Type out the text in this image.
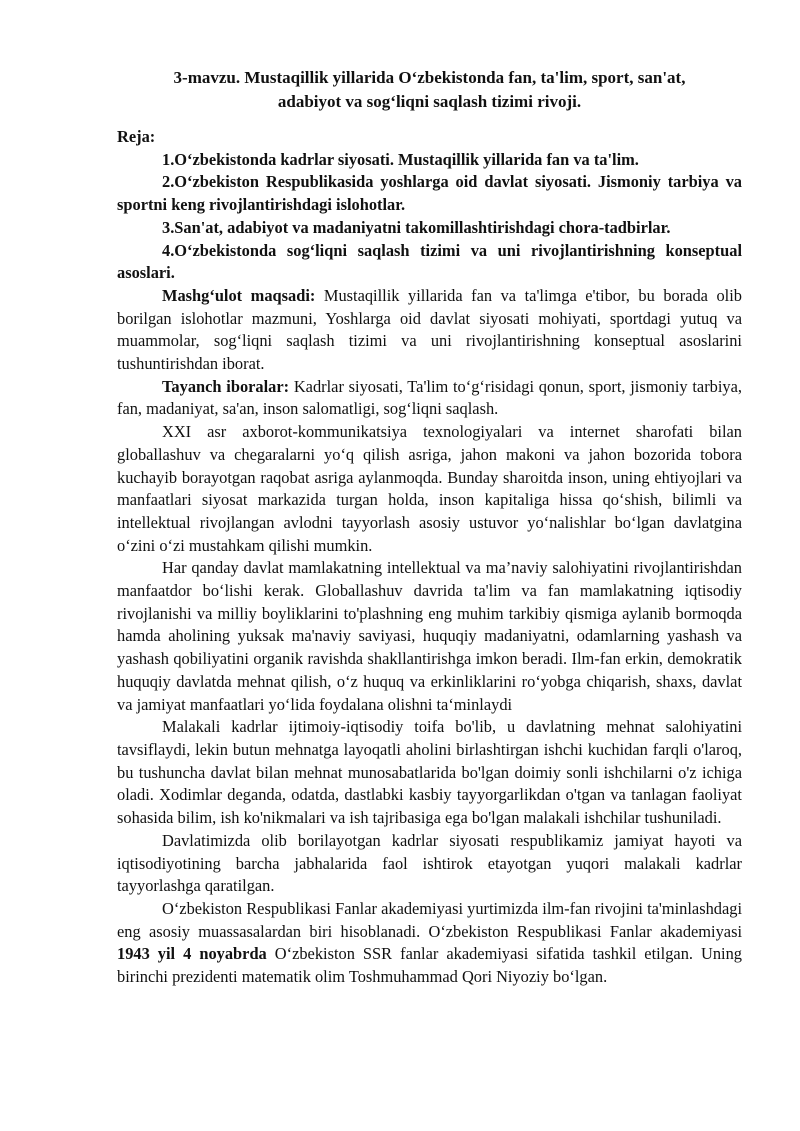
3-mavzu. Mustaqillik yillarida O‘zbekistonda fan, ta'lim, sport, san'at,
adabiyot va sog‘liqni saqlash tizimi rivoji.
Reja:

1.O‘zbekistonda kadrlar siyosati. Mustaqillik yillarida fan va ta'lim.

2.O‘zbekiston Respublikasida yoshlarga oid davlat siyosati. Jismoniy tarbiya va sportni keng rivojlantirishdagi islohotlar.

3.San'at, adabiyot va madaniyatni takomillashtirishdagi chora-tadbirlar.

4.O‘zbekistonda sog‘liqni saqlash tizimi va uni rivojlantirishning konseptual asoslari.

Mashg‘ulot maqsadi: Mustaqillik yillarida fan va ta'limga e'tibor, bu borada olib borilgan islohotlar mazmuni, Yoshlarga oid davlat siyosati mohiyati, sportdagi yutuq va muammolar, sog‘liqni saqlash tizimi va uni rivojlantirishning konseptual asoslarini tushuntirishdan iborat.

Tayanch iboralar: Kadrlar siyosati, Ta'lim to‘g‘risidagi qonun, sport, jismoniy tarbiya, fan, madaniyat, sa'an, inson salomatligi, sog‘liqni saqlash.

XXI asr axborot-kommunikatsiya texnologiyalari va internet sharofati bilan globallashuv va chegaralarni yo‘q qilish asriga, jahon makoni va jahon bozorida tobora kuchayib borayotgan raqobat asriga aylanmoqda. Bunday sharoitda inson, uning ehtiyojlari va manfaatlari siyosat markazida turgan holda, inson kapitaliga hissa qo‘shish, bilimli va intellektual rivojlangan avlodni tayyorlash asosiy ustuvor yo‘nalishlar bo‘lgan davlatgina o‘zini o‘zi mustahkam qilishi mumkin.

Har qanday davlat mamlakatning intellektual va ma’naviy salohiyatini rivojlantirishdan manfaatdor bo‘lishi kerak. Globallashuv davrida ta'lim va fan mamlakatning iqtisodiy rivojlanishi va milliy boyliklarini to'plashning eng muhim tarkibiy qismiga aylanib bormoqda hamda aholining yuksak ma'naviy saviyasi, huquqiy madaniyatni, odamlarning yashash va yashash qobiliyatini organik ravishda shakllantirishga imkon beradi. Ilm-fan erkin, demokratik huquqiy davlatda mehnat qilish, o‘z huquq va erkinliklarini ro‘yobga chiqarish, shaxs, davlat va jamiyat manfaatlari yo‘lida foydalana olishni ta‘minlaydi

Malakali kadrlar ijtimoiy-iqtisodiy toifa bo'lib, u davlatning mehnat salohiyatini tavsiflaydi, lekin butun mehnatga layoqatli aholini birlashtirgan ishchi kuchidan farqli o'laroq, bu tushuncha davlat bilan mehnat munosabatlarida bo'lgan doimiy sonli ishchilarni o'z ichiga oladi. Xodimlar deganda, odatda, dastlabki kasbiy tayyorgarlikdan o'tgan va tanlagan faoliyat sohasida bilim, ish ko'nikmalari va ish tajribasiga ega bo'lgan malakali ishchilar tushuniladi.

Davlatimizda olib borilayotgan kadrlar siyosati respublikamiz jamiyat hayoti va iqtisodiyotining barcha jabhalarida faol ishtirok etayotgan yuqori malakali kadrlar tayyorlashga qaratilgan.

O‘zbekiston Respublikasi Fanlar akademiyasi yurtimizda ilm-fan rivojini ta'minlashdagi eng asosiy muassasalardan biri hisoblanadi. O‘zbekiston Respublikasi Fanlar akademiyasi 1943 yil 4 noyabrda O‘zbekiston SSR fanlar akademiyasi sifatida tashkil etilgan. Uning birinchi prezidenti matematik olim Toshmuhammad Qori Niyoziy bo‘lgan.
